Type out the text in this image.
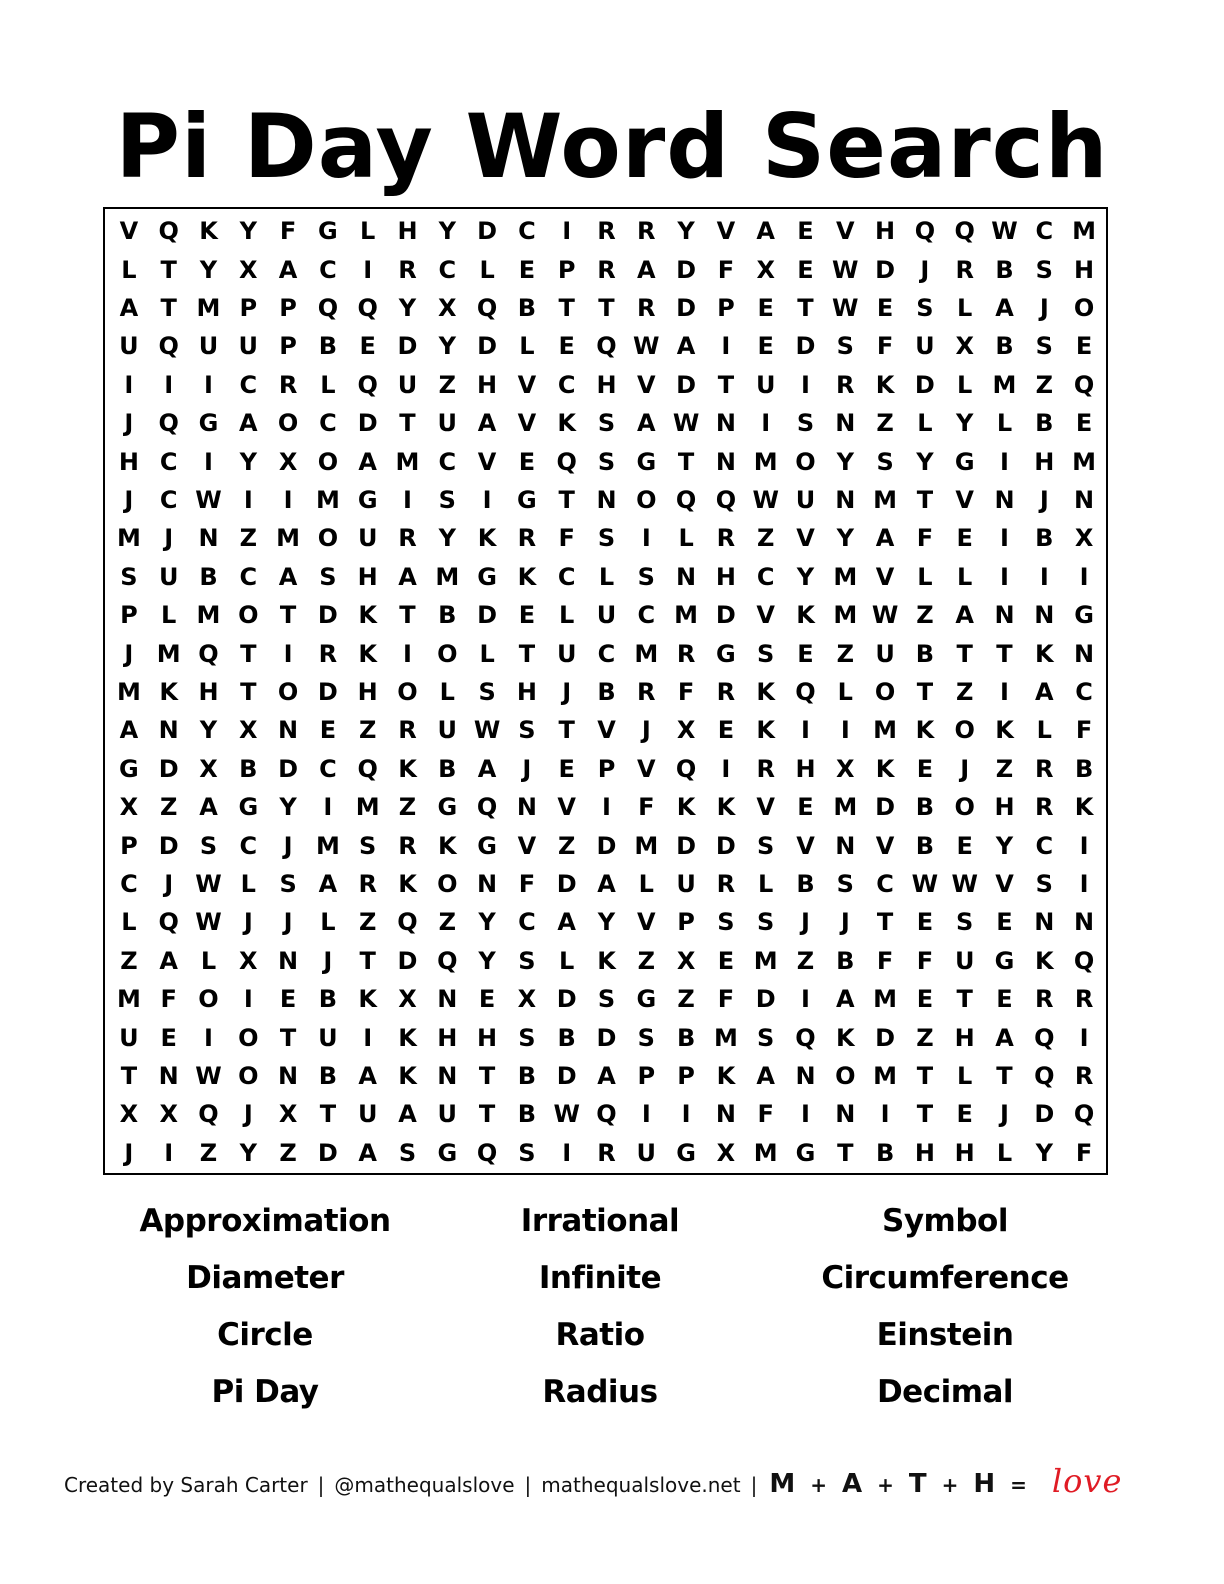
Pi Day Word Search
V Q K Y F G L H Y D C	I	R R Y V A E V H Q Q W C M
L T Y X A C	I	R C L E P R A D F X E W D	J	R B S H
A T M P P Q Q Y X Q B T T R D P E T W E S L A	J	O
U Q U U P B E D Y D L E Q W A	I	E D S F U X B S E
I	I	I	C R L Q U Z H V C H V D T U	I	R K D L M Z Q
J	Q G A O C D T U A V K S A W N	I	S N Z L Y L B E
H C	I	Y X O A M C V E Q S G T N M O Y S Y G	I	H M
J	C W I	I M G	I	S	I	G T N O Q Q W U N M T V N	J	N
M J	N Z M O U R Y K R F S	I	L R Z V Y A F E	I	B X
S U B C A S H A M G K C L S N H C Y M V L	L	I	I	I
P L M O T D K T B D E L U C M D V K M W Z A N N G
J M Q T	I	R K	I	O L T U C M R G S E Z U B T T K N
M K H T O D H O L S H	J	B R F R K Q L O T Z	I	A C
A N Y X N E Z R U W S T V	J	X E K	I	I M K O K L F
G D X B D C Q K B A	J	E P V Q	I	R H X K E	J	Z R B
X Z A G Y	I M Z G Q N V	I	F K K V E M D B O H R K
P D S C	J M S R K G V Z D M D D S V N V B E Y C	I
C	J W L S A R K O N F D A L U R L B S C W W V S	I
L Q W J	J	L Z Q Z Y C A Y V P S S	J	J	T E S E N N
Z A L X N	J	T D Q Y S L K Z X E M Z B F F U G K Q
M F O	I	E B K X N E X D S G Z F D	I	A M E T E R R
U E	I	O T U	I	K H H S B D S B M S Q K D Z H A Q	I
T N W O N B A K N T B D A P P K A N O M T L T Q R
X X Q	J	X T U A U T B W Q	I	I	N F	I	N	I	T E	J	D Q
J	I	Z Y Z D A S G Q S	I	R U G X M G T B H H L Y F
Approximation	Irrational	Symbol
Diameter	Infinite	Circumference
Circle	Ratio	Einstein
Pi Day	Radius	Decimal
Created by Sarah Carter | @mathequalslove | mathequalslove.net | M + A + T + H = love
